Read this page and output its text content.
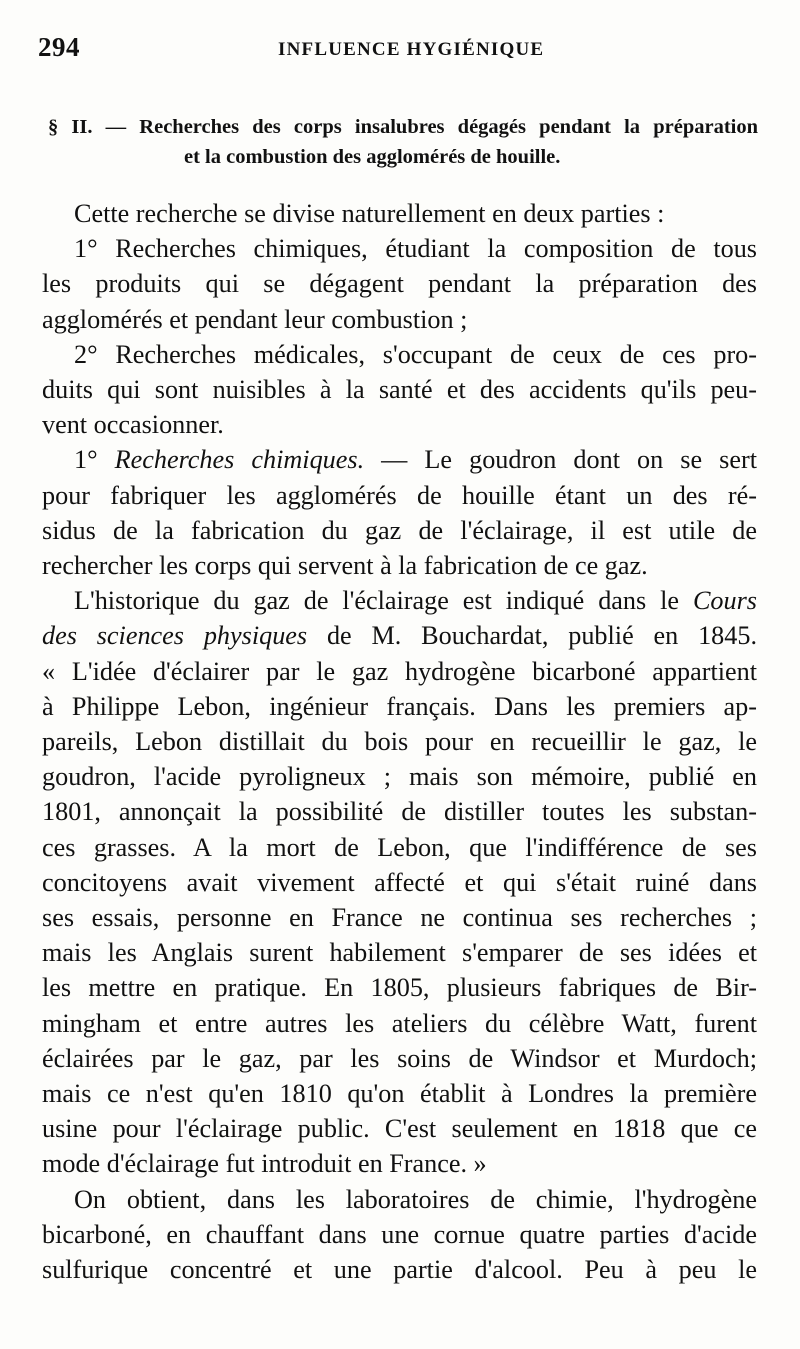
294	INFLUENCE HYGIÉNIQUE
§ II. — Recherches des corps insalubres dégagés pendant la préparation
et la combustion des agglomérés de houille.
Cette recherche se divise naturellement en deux parties :
1° Recherches chimiques, étudiant la composition de tous
les produits qui se dégagent pendant la préparation des
agglomérés et pendant leur combustion ;
2° Recherches médicales, s'occupant de ceux de ces pro-
duits qui sont nuisibles à la santé et des accidents qu'ils peu-
vent occasionner.
1° Recherches chimiques. — Le goudron dont on se sert
pour fabriquer les agglomérés de houille étant un des ré-
sidus de la fabrication du gaz de l'éclairage, il est utile de
rechercher les corps qui servent à la fabrication de ce gaz.
L'historique du gaz de l'éclairage est indiqué dans le Cours
des sciences physiques de M. Bouchardat, publié en 1845.
« L'idée d'éclairer par le gaz hydrogène bicarboné appartient
à Philippe Lebon, ingénieur français. Dans les premiers ap-
pareils, Lebon distillait du bois pour en recueillir le gaz, le
goudron, l'acide pyroligneux ; mais son mémoire, publié en
1801, annonçait la possibilité de distiller toutes les substan-
ces grasses. A la mort de Lebon, que l'indifférence de ses
concitoyens avait vivement affecté et qui s'était ruiné dans
ses essais, personne en France ne continua ses recherches ;
mais les Anglais surent habilement s'emparer de ses idées et
les mettre en pratique. En 1805, plusieurs fabriques de Bir-
mingham et entre autres les ateliers du célèbre Watt, furent
éclairées par le gaz, par les soins de Windsor et Murdoch;
mais ce n'est qu'en 1810 qu'on établit à Londres la première
usine pour l'éclairage public. C'est seulement en 1818 que ce
mode d'éclairage fut introduit en France. »
On obtient, dans les laboratoires de chimie, l'hydrogène
bicarboné, en chauffant dans une cornue quatre parties d'acide
sulfurique concentré et une partie d'alcool. Peu à peu le
